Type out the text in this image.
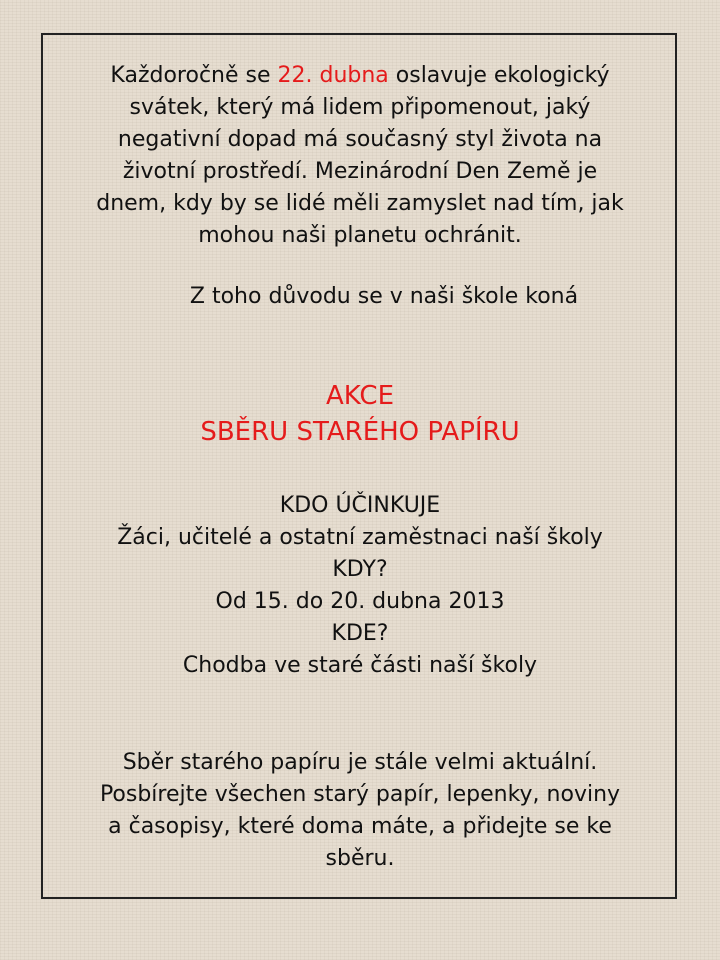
Každoročně se 22. dubna oslavuje ekologický
svátek, který má lidem připomenout, jaký
negativní dopad má současný styl života na
životní prostředí. Mezinárodní Den Země je
dnem, kdy by se lidé měli zamyslet nad tím, jak
mohou naši planetu ochránit.
Z toho důvodu se v naši škole koná
AKCE
SBĚRU STARÉHO PAPÍRU
KDO ÚČINKUJE
Žáci, učitelé a ostatní zaměstnaci naší školy
KDY?
Od 15. do 20. dubna 2013
KDE?
Chodba ve staré části naší školy
Sběr starého papíru je stále velmi aktuální.
Posbírejte všechen starý papír, lepenky, noviny
a časopisy, které doma máte, a přidejte se ke
sběru.
